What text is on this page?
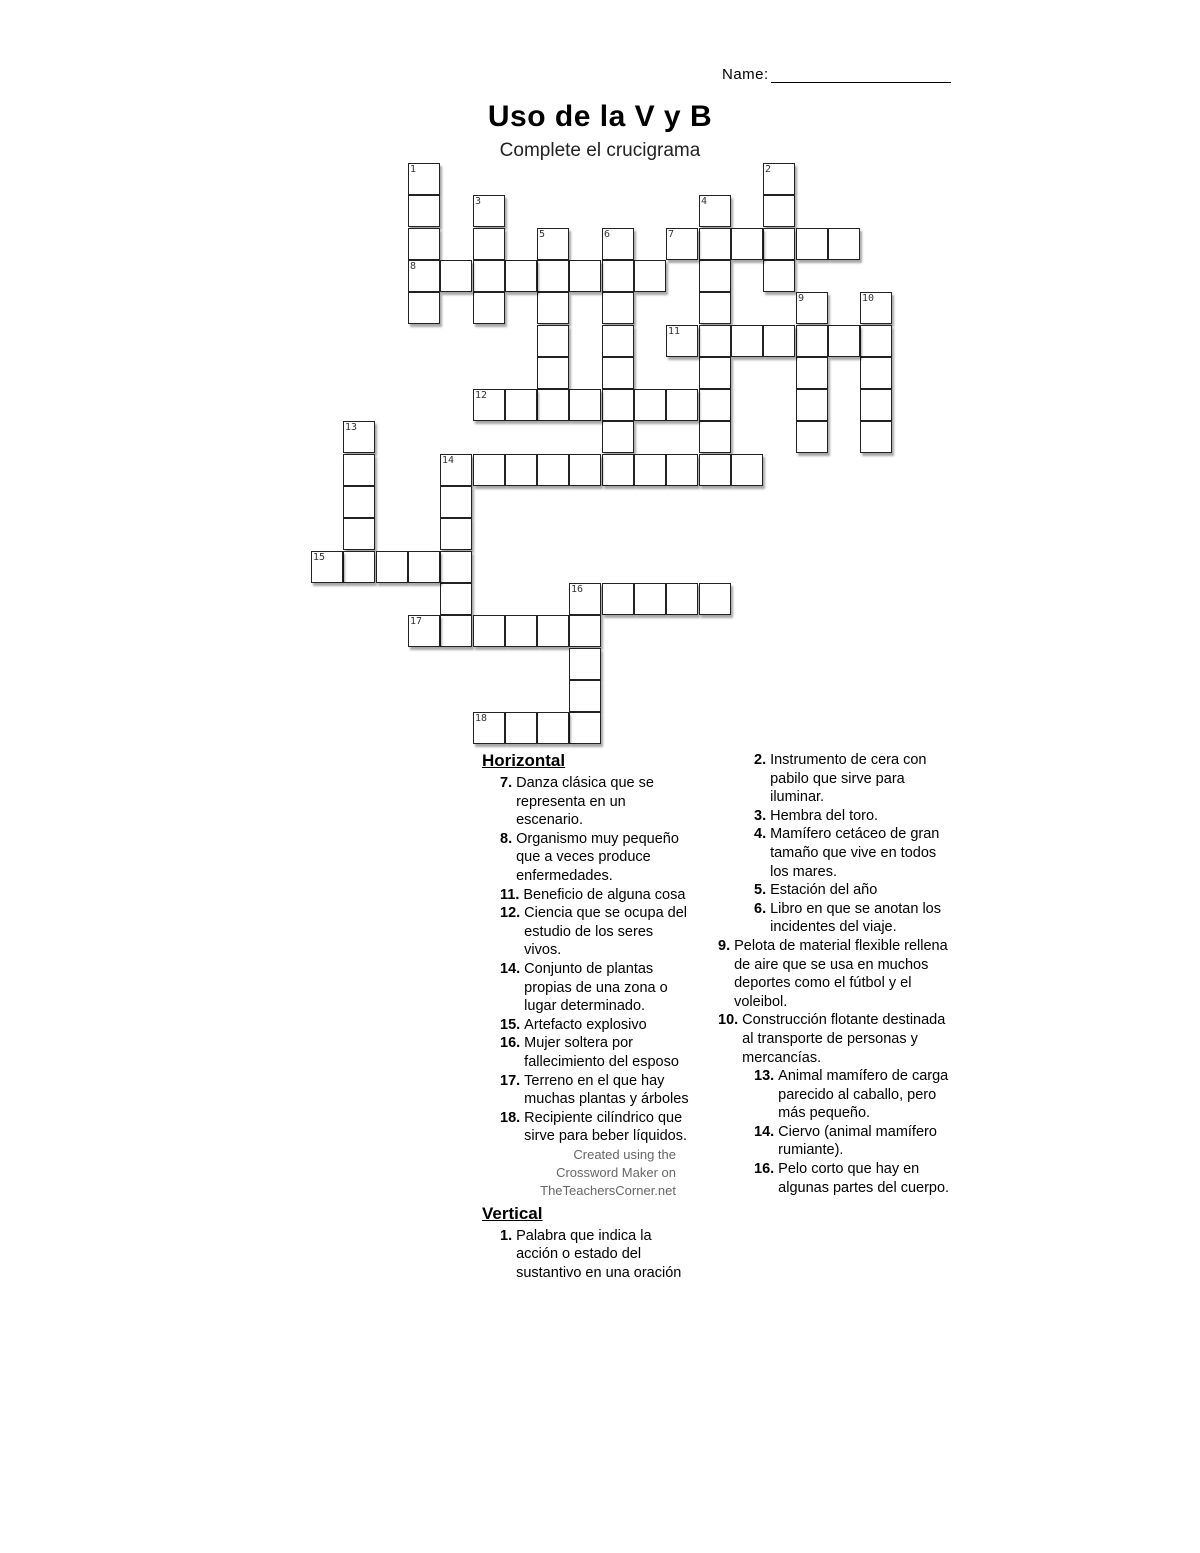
Name:
Uso de la V y B
Complete el crucigrama
1
8
2
3	4
5	6	7
9	10
11
12
13
14
15
16
17
18
Horizontal
7. Danza clásica que se representa en un escenario.
8. Organismo muy pequeño que a veces produce enfermedades.
11. Beneficio de alguna cosa
12. Ciencia que se ocupa del estudio de los seres vivos.
14. Conjunto de plantas propias de una zona o lugar determinado.
15. Artefacto explosivo
16. Mujer soltera por fallecimiento del esposo
17. Terreno en el que hay muchas plantas y árboles
18. Recipiente cilíndrico que sirve para beber líquidos.
Created using the
Crossword Maker on
TheTeachersCorner.net
Vertical
1. Palabra que indica la acción o estado del sustantivo en una oración
2. Instrumento de cera con pabilo que sirve para iluminar.
3. Hembra del toro.
4. Mamífero cetáceo de gran tamaño que vive en todos los mares.
5. Estación del año
6. Libro en que se anotan los incidentes del viaje.
9. Pelota de material flexible rellena de aire que se usa en muchos deportes como el fútbol y el voleibol.
10. Construcción flotante destinada al transporte de personas y mercancías.
13. Animal mamífero de carga parecido al caballo, pero más pequeño.
14. Ciervo (animal mamífero rumiante).
16. Pelo corto que hay en algunas partes del cuerpo.
